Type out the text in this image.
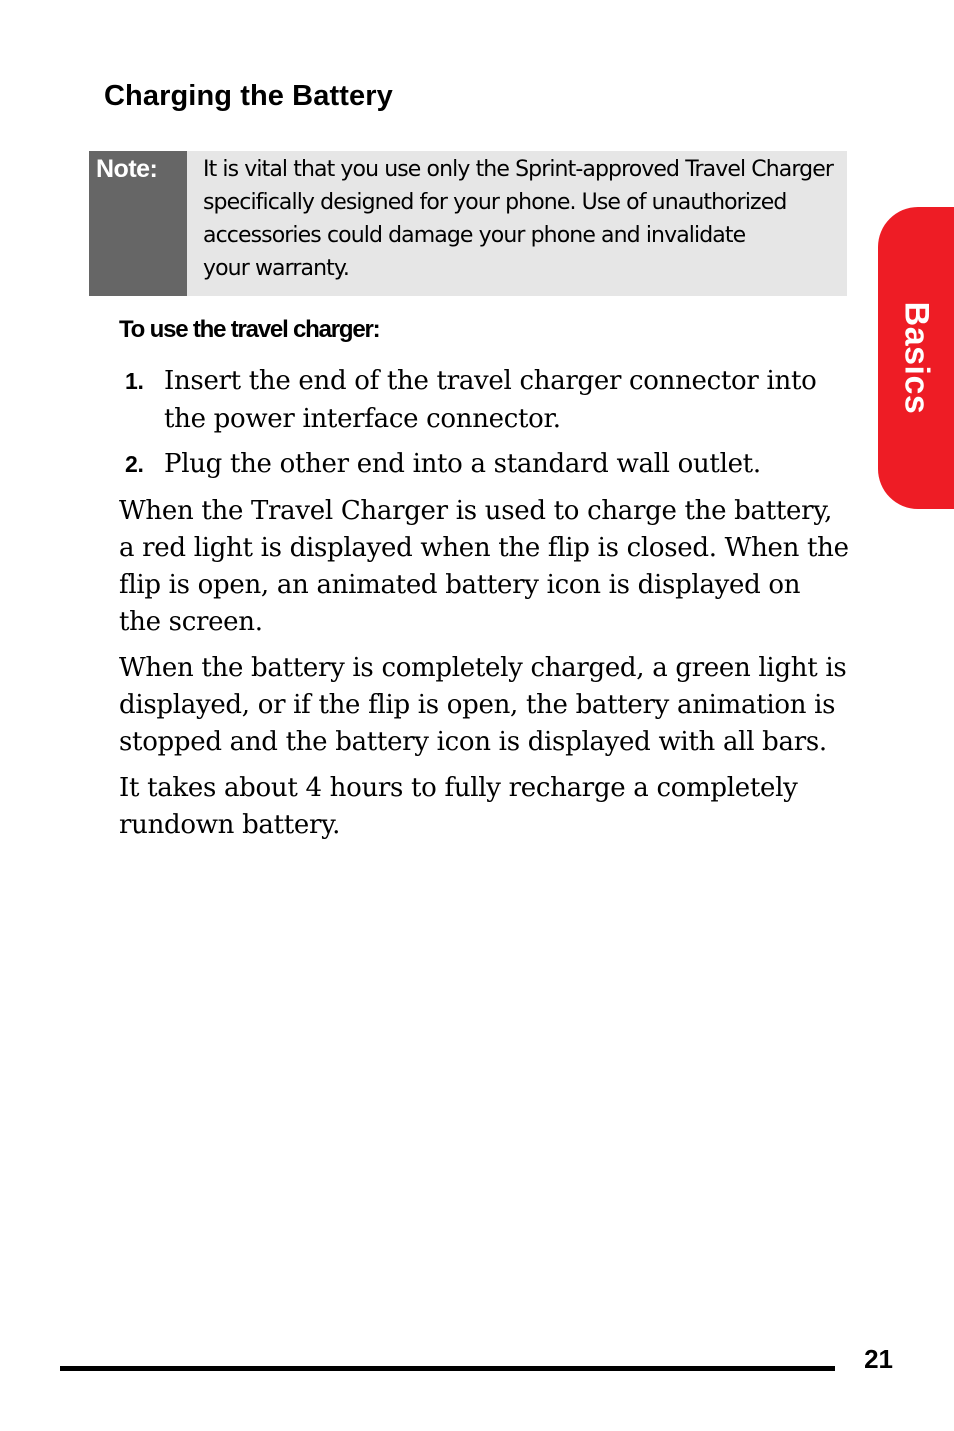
Charging the Battery
Note:	It is vital that you use only the Sprint-approved Travel Charger
specifically designed for your phone. Use of unauthorized
accessories could damage your phone and invalidate
your warranty.
To use the travel charger:
1. Insert the end of the travel charger connector into the power interface connector.
2. Plug the other end into a standard wall outlet.

When the Travel Charger is used to charge the battery, a red light is displayed when the flip is closed. When the flip is open, an animated battery icon is displayed on the screen.

When the battery is completely charged, a green light is displayed, or if the flip is open, the battery animation is stopped and the battery icon is displayed with all bars.

It takes about 4 hours to fully recharge a completely rundown battery.

Basics
21
